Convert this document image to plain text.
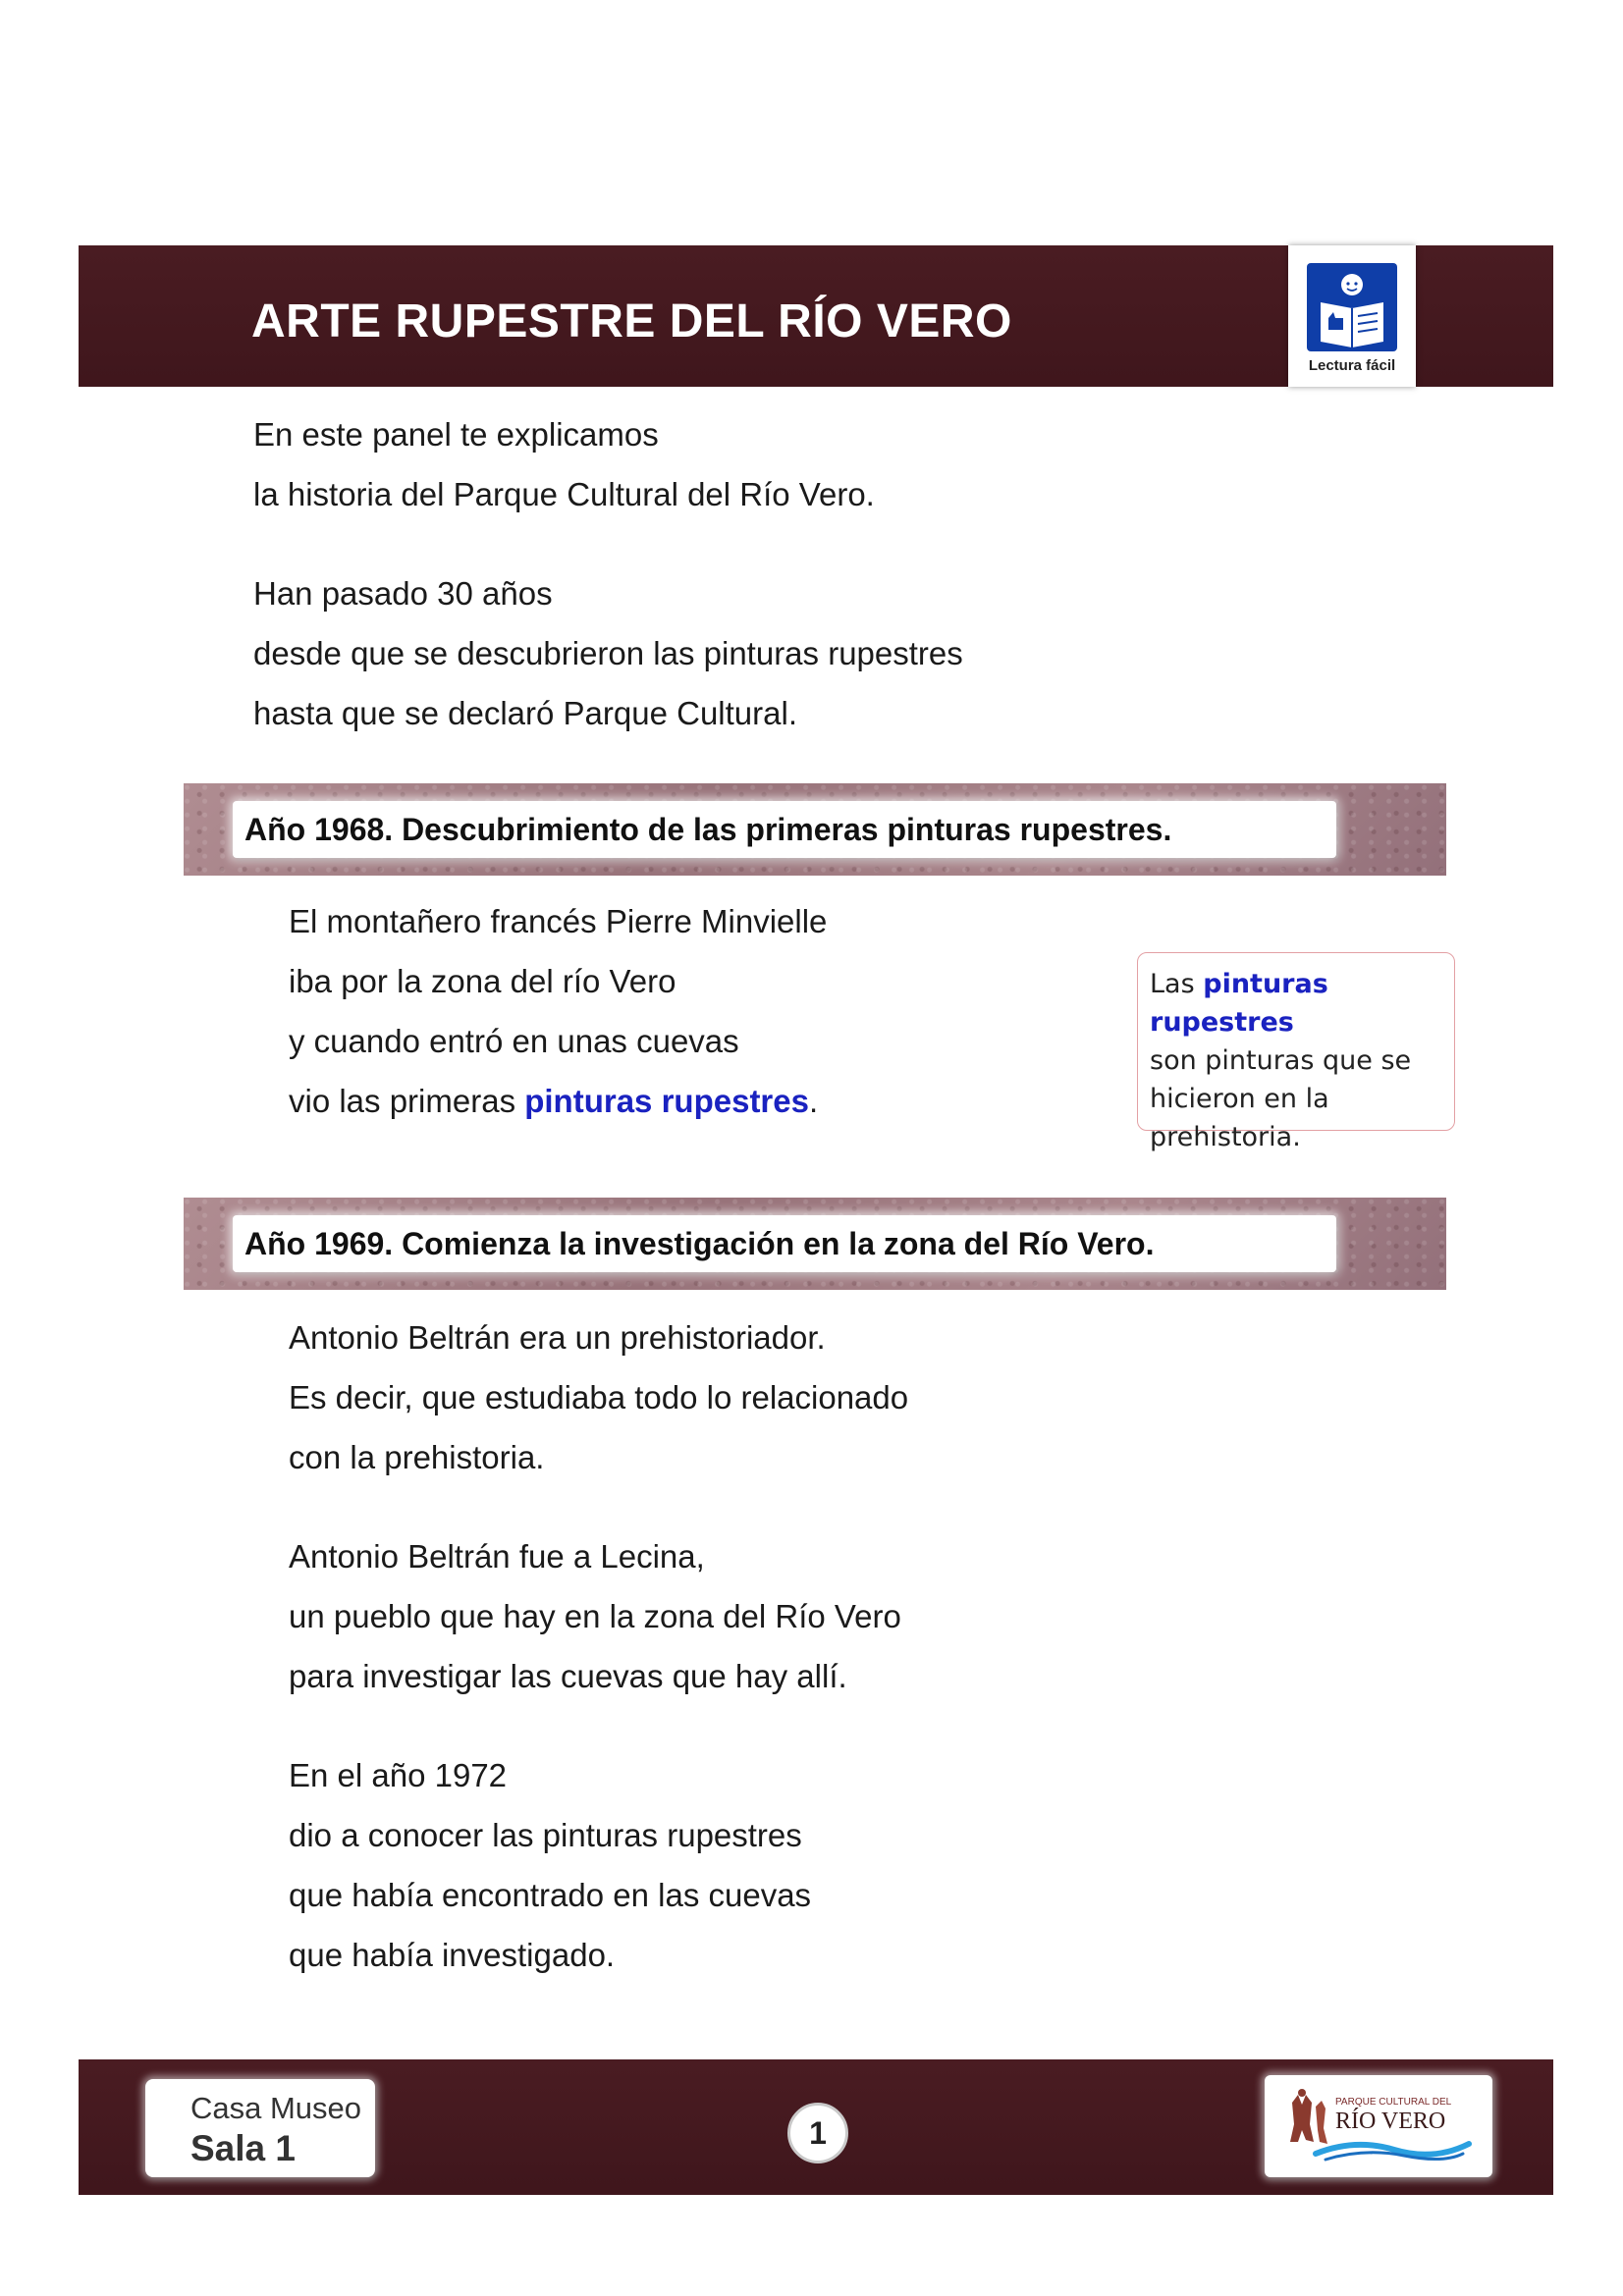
ARTE RUPESTRE DEL RÍO VERO
Lectura fácil
En este panel te explicamos
la historia del Parque Cultural del Río Vero.
Han pasado 30 años
desde que se descubrieron las pinturas rupestres
hasta que se declaró Parque Cultural.
Año 1968. Descubrimiento de las primeras pinturas rupestres.
El montañero francés Pierre Minvielle
iba por la zona del río Vero
y cuando entró en unas cuevas
vio las primeras pinturas rupestres.

Las pinturas rupestres
son pinturas que se
hicieron en la
prehistoria.

Año 1969. Comienza la investigación en la zona del Río Vero.
Antonio Beltrán era un prehistoriador.
Es decir, que estudiaba todo lo relacionado
con la prehistoria.
Antonio Beltrán fue a Lecina,
un pueblo que hay en la zona del Río Vero
para investigar las cuevas que hay allí.
En el año 1972
dio a conocer las pinturas rupestres
que había encontrado en las cuevas
que había investigado.
Casa Museo
Sala 1	1
PARQUE CULTURAL DEL
RÍO VERO
